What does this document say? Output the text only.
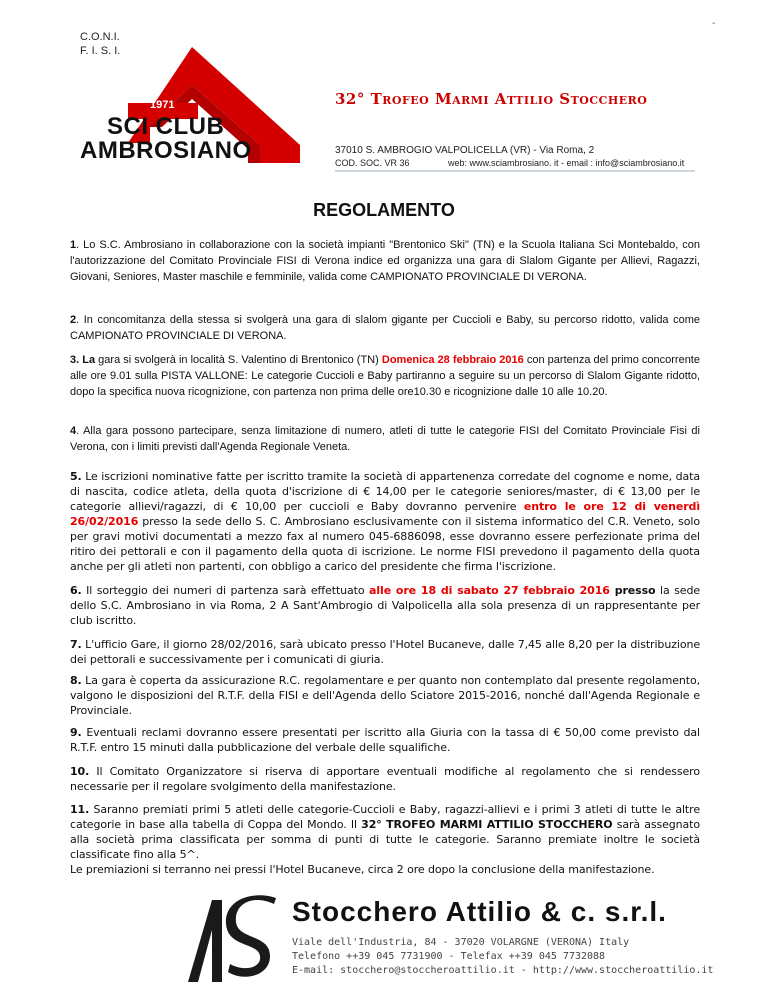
-
C.O.N.I.
F. I. S. I.
1971
SCI CLUB
AMBROSIANO
32° Trofeo Marmi Attilio Stocchero
37010 S. AMBROGIO VALPOLICELLA (VR) - Via Roma, 2
COD. SOC. VR 36	web: www.sciambrosiano. it - email : info@sciambrosiano.it
REGOLAMENTO
1. Lo S.C. Ambrosiano in collaborazione con la società impianti "Brentonico Ski" (TN) e la Scuola Italiana Sci Montebaldo, con l'autorizzazione del Comitato Provinciale FISI di Verona indice ed organizza una gara di Slalom Gigante per Allievi, Ragazzi, Giovani, Seniores, Master maschile e femminile, valida come CAMPIONATO PROVINCIALE DI VERONA.
2. In concomitanza della stessa si svolgerà una gara di slalom gigante per Cuccioli e Baby, su percorso ridotto, valida come CAMPIONATO PROVINCIALE DI VERONA.
3. La gara si svolgerà in località S. Valentino di Brentonico (TN) Domenica 28 febbraio 2016 con partenza del primo concorrente alle ore 9.01 sulla PISTA VALLONE: Le categorie Cuccioli e Baby partiranno a seguire su un percorso di Slalom Gigante ridotto, dopo la specifica nuova ricognizione, con partenza non prima delle ore10.30 e ricognizione dalle 10 alle 10.20.
4. Alla gara possono partecipare, senza limitazione di numero, atleti di tutte le categorie FISI del Comitato Provinciale Fisi di Verona, con i limiti previsti dall'Agenda Regionale Veneta.
5. Le iscrizioni nominative fatte per iscritto tramite la società di appartenenza corredate del cognome e nome, data di nascita, codice atleta, della quota d'iscrizione di € 14,00 per le categorie seniores/master, di € 13,00 per le categorie allievi/ragazzi, di € 10,00 per cuccioli e Baby dovranno pervenire entro le ore 12 di venerdì 26/02/2016 presso la sede dello S. C. Ambrosiano esclusivamente con il sistema informatico del C.R. Veneto, solo per gravi motivi documentati a mezzo fax al numero 045-6886098, esse dovranno essere perfezionate prima del ritiro dei pettorali e con il pagamento della quota di iscrizione. Le norme FISI prevedono il pagamento della quota anche per gli atleti non partenti, con obbligo a carico del presidente che firma l'iscrizione.
6. Il sorteggio dei numeri di partenza sarà effettuato alle ore 18 di sabato 27 febbraio 2016 presso la sede dello S.C. Ambrosiano in via Roma, 2 A Sant'Ambrogio di Valpolicella alla sola presenza di un rappresentante per club iscritto.
7. L'ufficio Gare, il giorno 28/02/2016, sarà ubicato presso l'Hotel Bucaneve, dalle 7,45 alle 8,20 per la distribuzione dei pettorali e successivamente per i comunicati di giuria.
8. La gara è coperta da assicurazione R.C. regolamentare e per quanto non contemplato dal presente regolamento, valgono le disposizioni del R.T.F. della FISI e dell'Agenda dello Sciatore 2015-2016, nonché dall'Agenda Regionale e Provinciale.
9. Eventuali reclami dovranno essere presentati per iscritto alla Giuria con la tassa di € 50,00 come previsto dal R.T.F. entro 15 minuti dalla pubblicazione del verbale delle squalifiche.
10. Il Comitato Organizzatore si riserva di apportare eventuali modifiche al regolamento che si rendessero necessarie per il regolare svolgimento della manifestazione.
11. Saranno premiati primi 5 atleti delle categorie-Cuccioli e Baby, ragazzi-allievi e i primi 3 atleti di tutte le altre categorie in base alla tabella di Coppa del Mondo. Il 32° TROFEO MARMI ATTILIO STOCCHERO sarà assegnato alla società prima classificata per somma di punti di tutte le categorie. Saranno premiate inoltre le società classificate fino alla 5^.
Le premiazioni si terranno nei pressi l'Hotel Bucaneve, circa 2 ore dopo la conclusione della manifestazione.
Stocchero Attilio & c. s.r.l.
Viale dell'Industria, 84 - 37020 VOLARGNE (VERONA) Italy
Telefono ++39 045 7731900 - Telefax ++39 045 7732088
E-mail: stocchero@stoccheroattilio.it - http://www.stoccheroattilio.it
